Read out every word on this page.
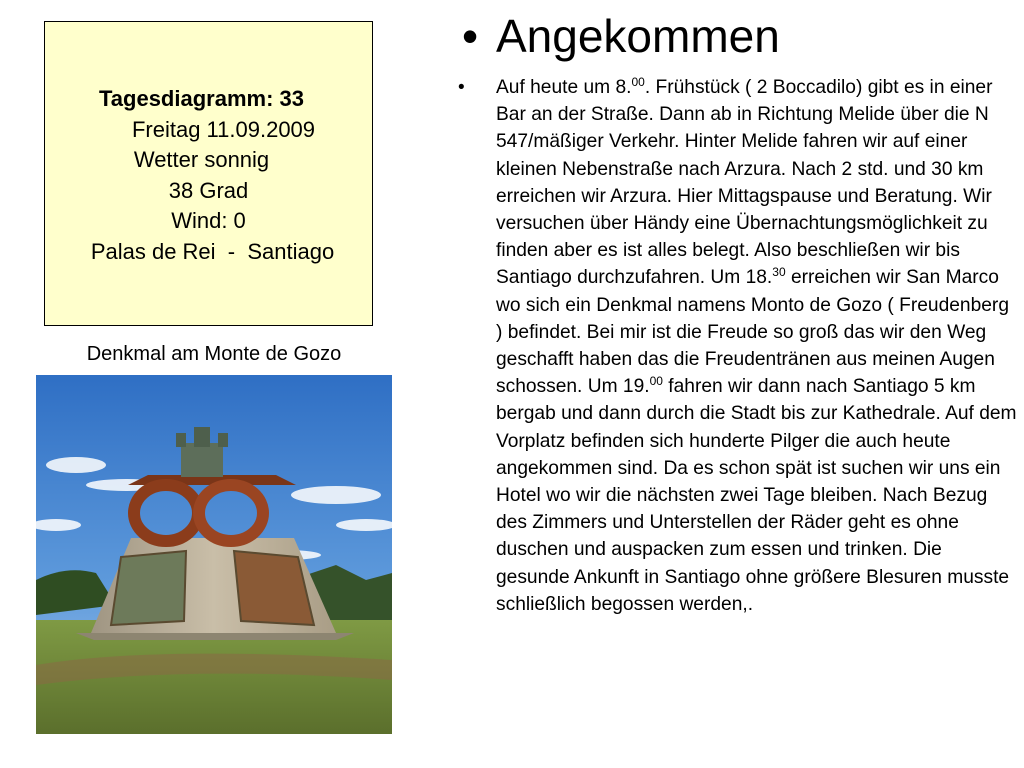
Tagesdiagramm: 33
Freitag 11.09.2009
Wetter sonnig
38 Grad
Wind: 0
Palas de Rei  -  Santiago
Denkmal am Monte de Gozo
• Angekommen
• Auf heute um 8.00. Frühstück ( 2 Boccadilo) gibt es in einer Bar an der Straße. Dann ab in Richtung Melide über die N 547/mäßiger Verkehr. Hinter Melide fahren wir auf einer kleinen Nebenstraße nach Arzura. Nach 2 std. und 30 km erreichen wir Arzura. Hier Mittagspause und Beratung. Wir versuchen über Händy eine Übernachtungsmöglichkeit zu finden aber es ist alles belegt. Also beschließen wir bis Santiago durchzufahren. Um 18.30 erreichen wir San Marco wo sich ein Denkmal namens Monto de Gozo ( Freudenberg ) befindet. Bei mir ist die Freude so groß das wir den Weg geschafft haben das die Freudentränen aus meinen Augen schossen. Um 19.00 fahren wir dann nach Santiago 5 km bergab und dann durch die Stadt bis zur Kathedrale. Auf dem Vorplatz befinden sich hunderte Pilger die auch heute angekommen sind. Da es schon spät ist suchen wir uns ein Hotel wo wir die nächsten zwei Tage bleiben. Nach Bezug des Zimmers und Unterstellen der Räder geht es ohne duschen und auspacken zum essen und trinken. Die gesunde Ankunft in Santiago ohne größere Blesuren musste schließlich begossen werden,.
